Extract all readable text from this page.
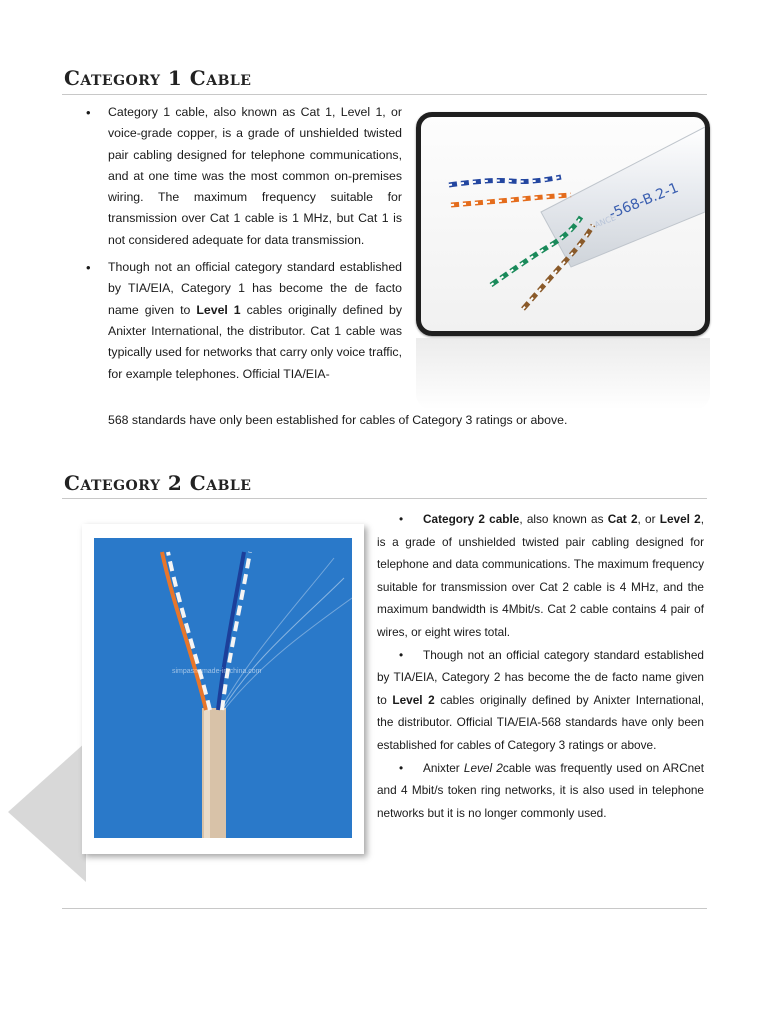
Category 1 Cable
• Category 1 cable, also known as Cat 1, Level 1, or voice-grade copper, is a grade of unshielded twisted pair cabling designed for telephone communications, and at one time was the most common on-premises wiring. The maximum frequency suitable for transmission over Cat 1 cable is 1 MHz, but Cat 1 is not considered adequate for data transmission.
• Though not an official category standard established by TIA/EIA, Category 1 has become the de facto name given to Level 1 cables originally defined by Anixter International, the distributor. Cat 1 cable was typically used for networks that carry only voice traffic, for example telephones. Official TIA/EIA-
568 standards have only been established for cables of Category 3 ratings or above.
-568-B.2-1
ANCE
Category 2 Cable
simpasm.made-in-china.com
• Category 2 cable, also known as Cat 2, or Level 2, is a grade of unshielded twisted pair cabling designed for telephone and data communications. The maximum frequency suitable for transmission over Cat 2 cable is 4 MHz, and the maximum bandwidth is 4Mbit/s. Cat 2 cable contains 4 pair of wires, or eight wires total.
• Though not an official category standard established by TIA/EIA, Category 2 has become the de facto name given to Level 2 cables originally defined by Anixter International, the distributor. Official TIA/EIA-568 standards have only been established for cables of Category 3 ratings or above.
• Anixter Level 2cable was frequently used on ARCnet and 4 Mbit/s token ring networks, it is also used in telephone networks but it is no longer commonly used.
